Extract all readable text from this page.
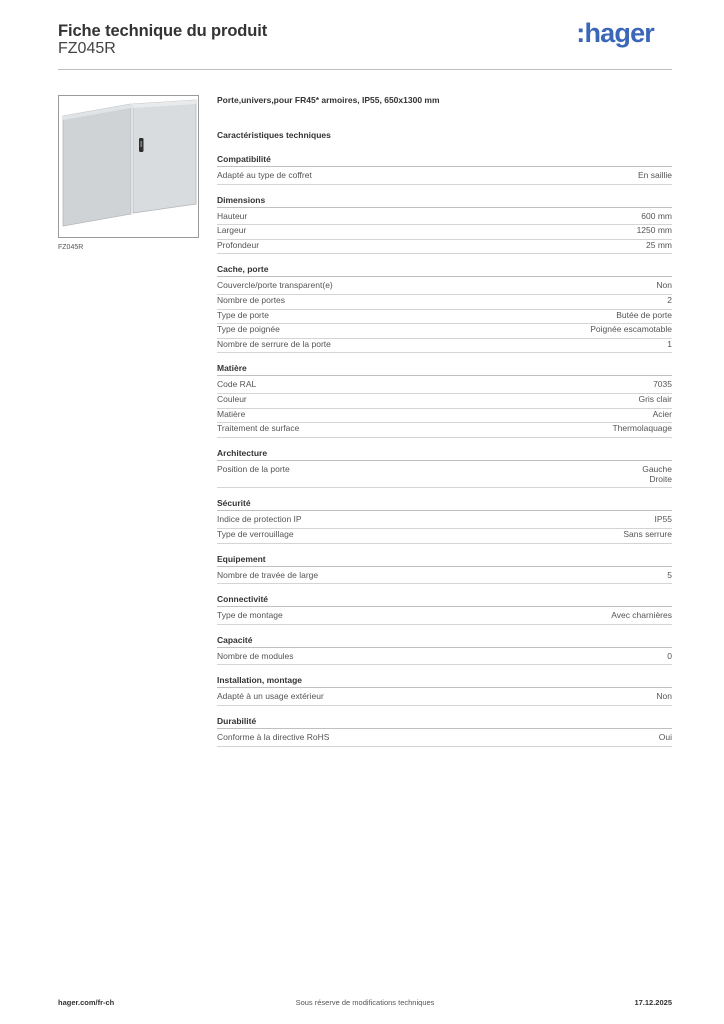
Fiche technique du produit
FZ045R
:hager
FZ045R
Porte,univers,pour FR45* armoires, IP55, 650x1300 mm
Caractéristiques techniques
Compatibilité
Adapté au type de coffret	En saillie
Dimensions
Hauteur	600 mm
Largeur	1250 mm
Profondeur	25 mm
Cache, porte
Couvercle/porte transparent(e)	Non
Nombre de portes	2
Type de porte	Butée de porte
Type de poignée	Poignée escamotable
Nombre de serrure de la porte	1
Matière
Code RAL	7035
Couleur	Gris clair
Matière	Acier
Traitement de surface	Thermolaquage
Architecture
Position de la porte	Gauche
Droite
Sécurité
Indice de protection IP	IP55
Type de verrouillage	Sans serrure
Equipement
Nombre de travée de large	5
Connectivité
Type de montage	Avec charnières
Capacité
Nombre de modules	0
Installation, montage
Adapté à un usage extérieur	Non
Durabilité
Conforme à la directive RoHS	Oui
hager.com/fr-ch	Sous réserve de modifications techniques	17.12.2025
